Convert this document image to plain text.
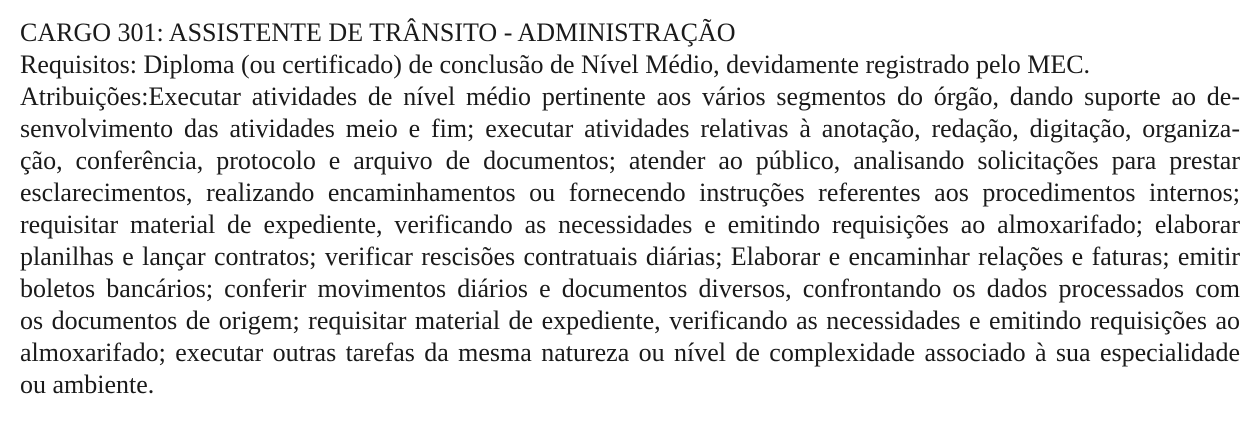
CARGO 301: ASSISTENTE DE TRÂNSITO - ADMINISTRAÇÃO
Requisitos: Diploma (ou certificado) de conclusão de Nível Médio, devidamente registrado pelo MEC.
Atribuições:Executar atividades de nível médio pertinente aos vários segmentos do órgão, dando suporte ao de-
senvolvimento das atividades meio e fim; executar atividades relativas à anotação, redação, digitação, organiza-
ção, conferência, protocolo e arquivo de documentos; atender ao público, analisando solicitações para prestar
esclarecimentos, realizando encaminhamentos ou fornecendo instruções referentes aos procedimentos internos;
requisitar material de expediente, verificando as necessidades e emitindo requisições ao almoxarifado; elaborar
planilhas e lançar contratos; verificar rescisões contratuais diárias; Elaborar e encaminhar relações e faturas; emitir
boletos bancários; conferir movimentos diários e documentos diversos, confrontando os dados processados com
os documentos de origem; requisitar material de expediente, verificando as necessidades e emitindo requisições ao
almoxarifado; executar outras tarefas da mesma natureza ou nível de complexidade associado à sua especialidade
ou ambiente.
